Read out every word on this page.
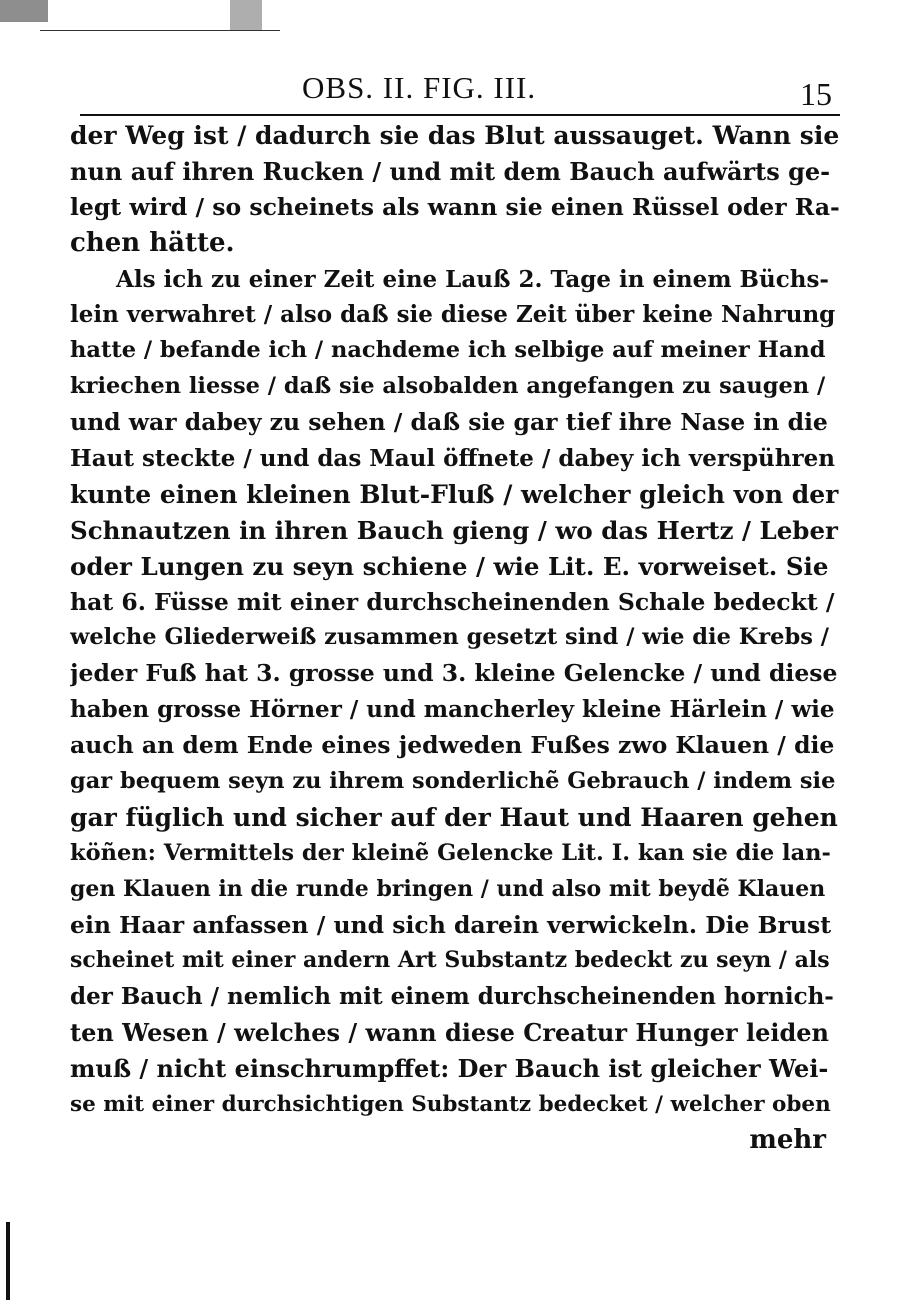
OBS. II. FIG. III.	15
der Weg ist / dadurch sie das Blut aussauget. Wann sie
nun auf ihren Rucken / und mit dem Bauch aufwärts ge-
legt wird / so scheinets als wann sie einen Rüssel oder Ra-
chen hätte.
Als ich zu einer Zeit eine Lauß 2. Tage in einem Büchs-
lein verwahret / also daß sie diese Zeit über keine Nahrung
hatte / befande ich / nachdeme ich selbige auf meiner Hand
kriechen liesse / daß sie alsobalden angefangen zu saugen /
und war dabey zu sehen / daß sie gar tief ihre Nase in die
Haut steckte / und das Maul öffnete / dabey ich verspühren
kunte einen kleinen Blut-Fluß / welcher gleich von der
Schnautzen in ihren Bauch gieng / wo das Hertz / Leber
oder Lungen zu seyn schiene / wie Lit. E. vorweiset. Sie
hat 6. Füsse mit einer durchscheinenden Schale bedeckt /
welche Gliederweiß zusammen gesetzt sind / wie die Krebs /
jeder Fuß hat 3. grosse und 3. kleine Gelencke / und diese
haben grosse Hörner / und mancherley kleine Härlein / wie
auch an dem Ende eines jedweden Fußes zwo Klauen / die
gar bequem seyn zu ihrem sonderlichẽ Gebrauch / indem sie
gar füglich und sicher auf der Haut und Haaren gehen
köñen: Vermittels der kleinẽ Gelencke Lit. I. kan sie die lan-
gen Klauen in die runde bringen / und also mit beydẽ Klauen
ein Haar anfassen / und sich darein verwickeln. Die Brust
scheinet mit einer andern Art Substantz bedeckt zu seyn / als
der Bauch / nemlich mit einem durchscheinenden hornich-
ten Wesen / welches / wann diese Creatur Hunger leiden
muß / nicht einschrumpffet: Der Bauch ist gleicher Wei-
se mit einer durchsichtigen Substantz bedecket / welcher oben
mehr
